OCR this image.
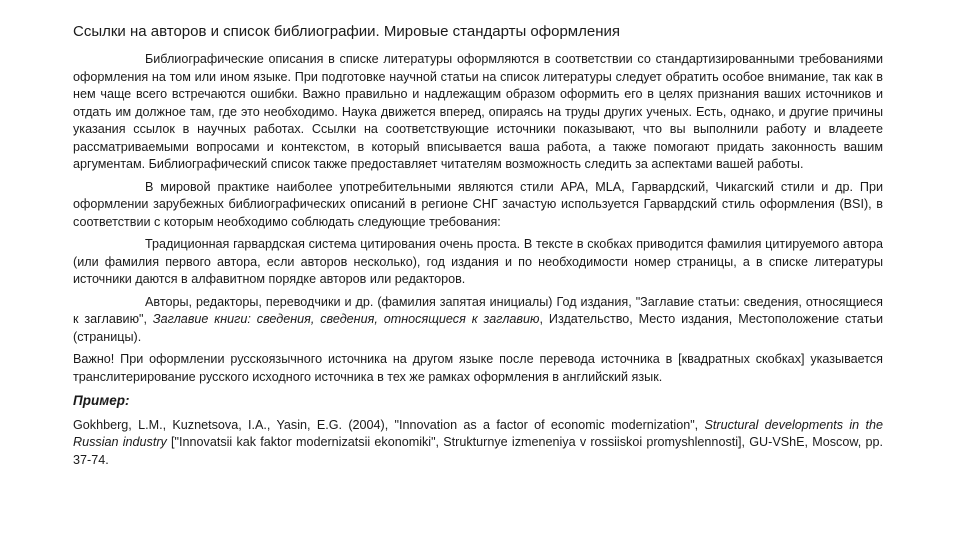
Ссылки на авторов и список библиографии. Мировые стандарты оформления

Библиографические описания в списке литературы оформляются в соответствии со стандартизированными требованиями оформления на том или ином языке. При подготовке научной статьи на список литературы следует обратить особое внимание, так как в нем чаще всего встречаются ошибки. Важно правильно и надлежащим образом оформить его в целях признания ваших источников и отдать им должное там, где это необходимо. Наука движется вперед, опираясь на труды других ученых. Есть, однако, и другие причины указания ссылок в научных работах. Ссылки на соответствующие источники показывают, что вы выполнили работу и владеете рассматриваемыми вопросами и контекстом, в который вписывается ваша работа, а также помогают придать законность вашим аргументам. Библиографический список также предоставляет читателям возможность следить за аспектами вашей работы.

В мировой практике наиболее употребительными являются стили APA, MLA, Гарвардский, Чикагский стили и др. При оформлении зарубежных библиографических описаний в регионе СНГ зачастую используется Гарвардский стиль оформления (BSI), в соответствии с которым необходимо соблюдать следующие требования:

Традиционная гарвардская система цитирования очень проста. В тексте в скобках приводится фамилия цитируемого автора (или фамилия первого автора, если авторов несколько), год издания и по необходимости номер страницы, а в списке литературы источники даются в алфавитном порядке авторов или редакторов.

Авторы, редакторы, переводчики и др. (фамилия запятая инициалы) Год издания, "Заглавие статьи: сведения, относящиеся к заглавию", Заглавие книги: сведения, сведения, относящиеся к заглавию, Издательство, Место издания, Местоположение статьи (страницы).

Важно! При оформлении русскоязычного источника на другом языке после перевода источника в [квадратных скобках] указывается транслитерирование русского исходного источника в тех же рамках оформления в английский язык.

Пример:

Gokhberg, L.M., Kuznetsova, I.A., Yasin, E.G. (2004), "Innovation as a factor of economic modernization", Structural developments in the Russian industry ["Innovatsii kak faktor modernizatsii ekonomiki", Strukturnye izmeneniya v rossiiskoi promyshlennosti], GU-VShE, Moscow, pp. 37-74.
